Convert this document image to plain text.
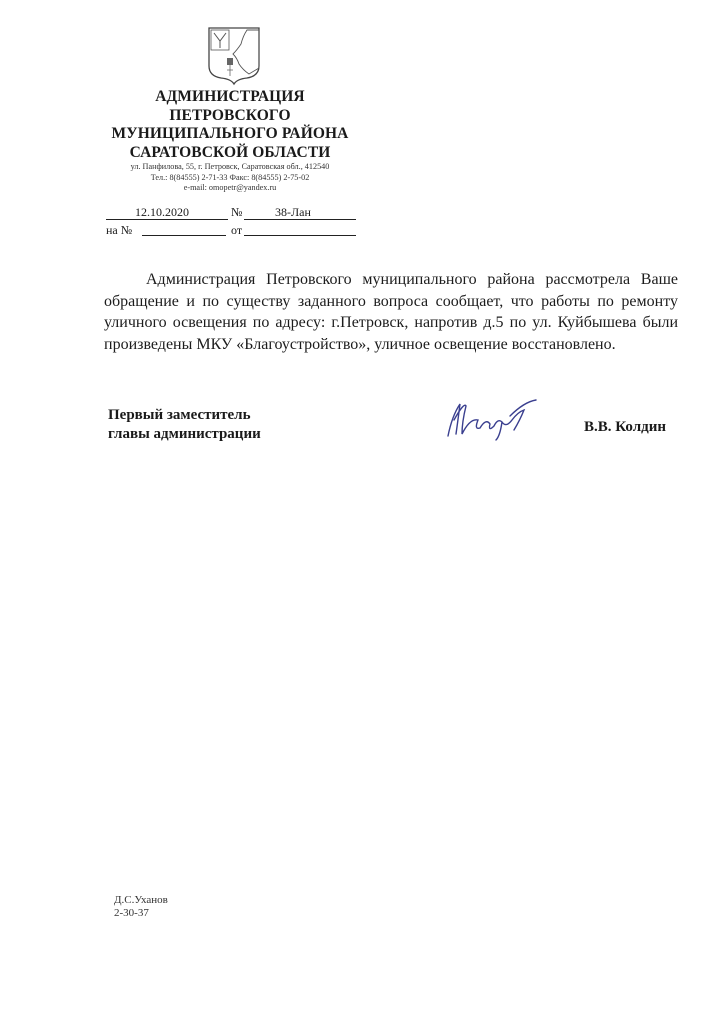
АДМИНИСТРАЦИЯ
ПЕТРОВСКОГО
МУНИЦИПАЛЬНОГО РАЙОНА
САРАТОВСКОЙ ОБЛАСТИ
ул. Панфилова, 55, г. Петровск, Саратовская обл., 412540
Тел.: 8(84555) 2-71-33 Факс: 8(84555) 2-75-02
e-mail: omopetr@yandex.ru
12.10.2020	№	38-Лан
на №	от
Администрация Петровского муниципального района рассмотрела Ваше обращение и по существу заданного вопроса сообщает, что работы по ремонту уличного освещения по адресу: г.Петровск, напротив д.5 по ул. Куйбышева были произведены МКУ «Благоустройство», уличное освещение восстановлено.
Первый заместитель
главы администрации	В.В. Колдин
Д.С.Уханов
2-30-37
